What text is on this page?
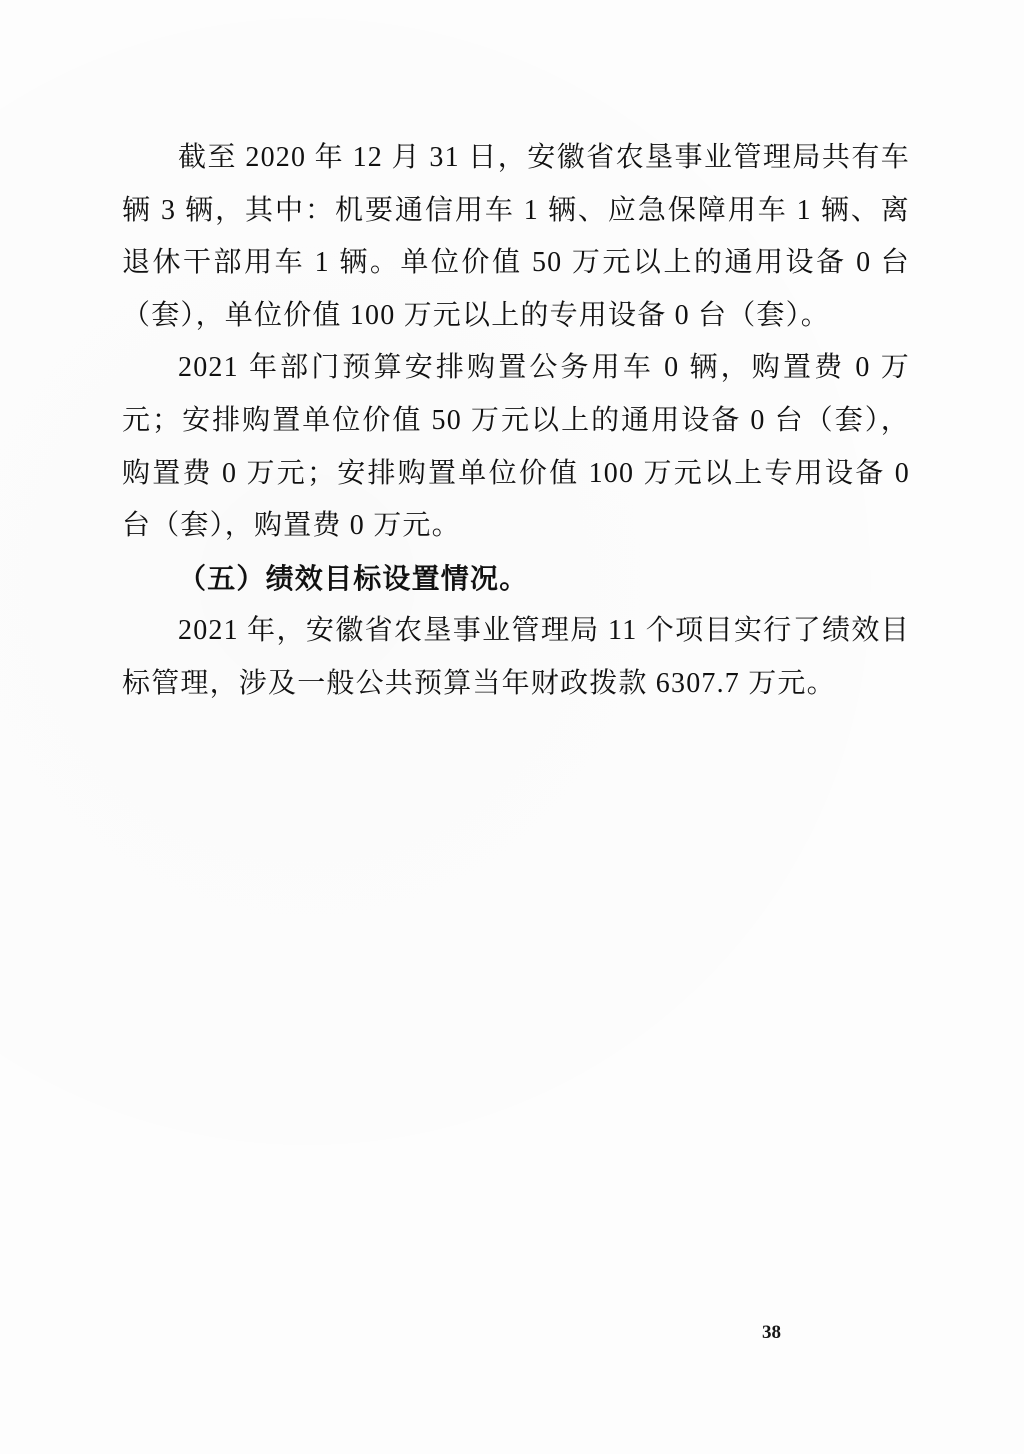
截至 2020 年 12 月 31 日，安徽省农垦事业管理局共有车辆 3 辆，其中：机要通信用车 1 辆、应急保障用车 1 辆、离退休干部用车 1 辆。单位价值 50 万元以上的通用设备 0 台（套），单位价值 100 万元以上的专用设备 0 台（套）。

2021 年部门预算安排购置公务用车 0 辆，购置费 0 万元；安排购置单位价值 50 万元以上的通用设备 0 台（套），购置费 0 万元；安排购置单位价值 100 万元以上专用设备 0 台（套），购置费 0 万元。

（五）绩效目标设置情况。

2021 年，安徽省农垦事业管理局 11 个项目实行了绩效目标管理，涉及一般公共预算当年财政拨款 6307.7 万元。

38
